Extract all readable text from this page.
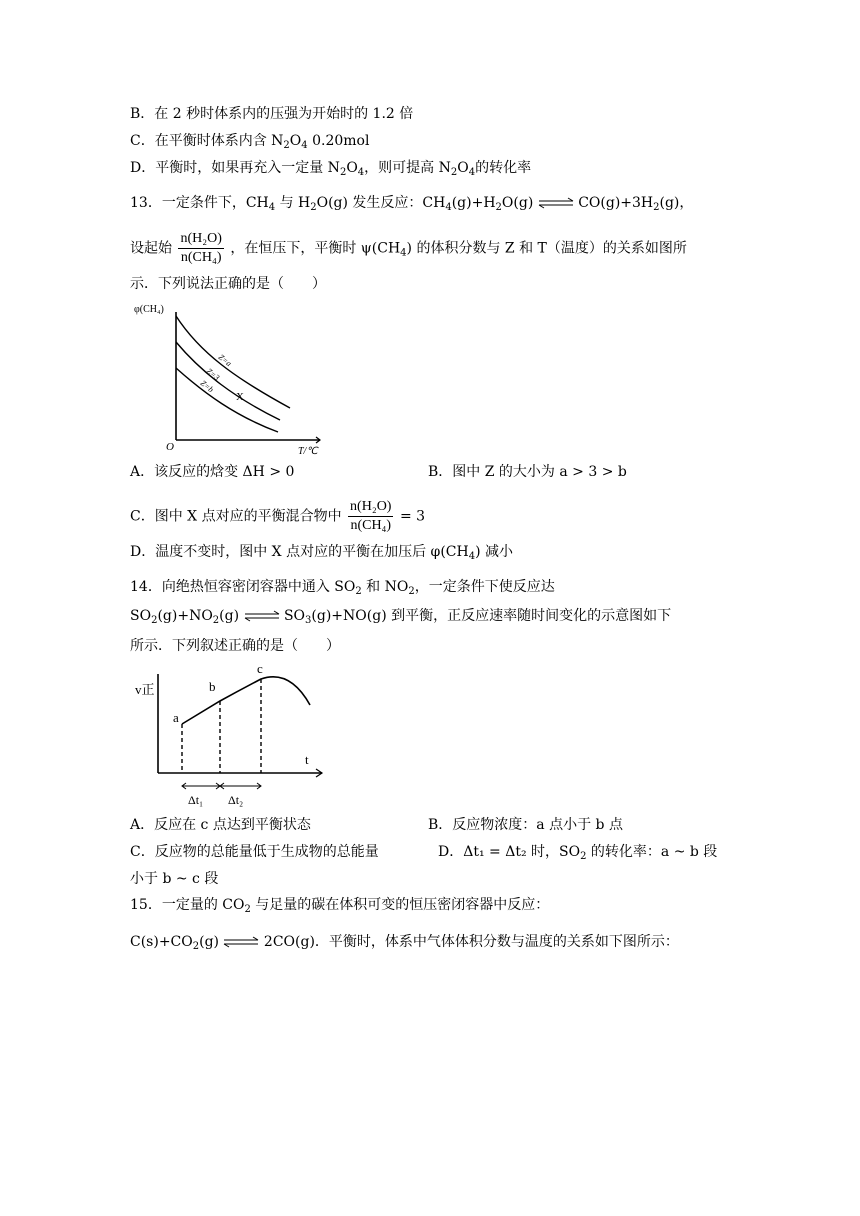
B．在 2 秒时体系内的压强为开始时的 1.2 倍
C．在平衡时体系内含 $N_2O_4$ 0.20mol
D．平衡时，如果再充入一定量 $N_2O_4$，则可提高 $N_2O_4$的转化率
13．一定条件下，$CH_4$ 与 $H_2O(g)$ 发生反应：$CH_4(g)+H_2O(g)$ ⇌ $CO(g)+3H_2(g)$，
设起始 $\frac{\text{n(H₂O)}}{\text{n(CH₄)}}$ ，在恒压下，平衡时 $\psi(CH_4)$ 的体积分数与 Z 和 T（温度）的关系如图所
示．下列说法正确的是（　　）
φ(CH₄)
O	T/℃
Z=a
Z=3
Z=b
X
A．该反应的焓变 ΔH > 0	B．图中 Z 的大小为 a > 3 > b
C．图中 X 点对应的平衡混合物中 $\frac{\text{n(H₂O)}}{\text{n(CH₄)}} = 3$
D．温度不变时，图中 X 点对应的平衡在加压后 $\varphi(CH_4)$ 减小
14．向绝热恒容密闭容器中通入 $SO_2$ 和 $NO_2$，一定条件下使反应达
$SO_2(g)+NO_2(g)$ ⇌ $SO_3(g)+NO(g)$ 到平衡，正反应速率随时间变化的示意图如下
所示．下列叙述正确的是（　　）
v正
t
a
b
c
Δt₁ Δt₂
A．反应在 c 点达到平衡状态	B．反应物浓度：a 点小于 b 点
C．反应物的总能量低于生成物的总能量	D．Δt₁ = Δt₂ 时，$SO_2$ 的转化率：a ~ b 段
小于 b ~ c 段
15．一定量的 $CO_2$ 与足量的碳在体积可变的恒压密闭容器中反应：
$C(s)+CO_2(g)$ ⇌ 2CO(g)．平衡时，体系中气体体积分数与温度的关系如下图所示：
